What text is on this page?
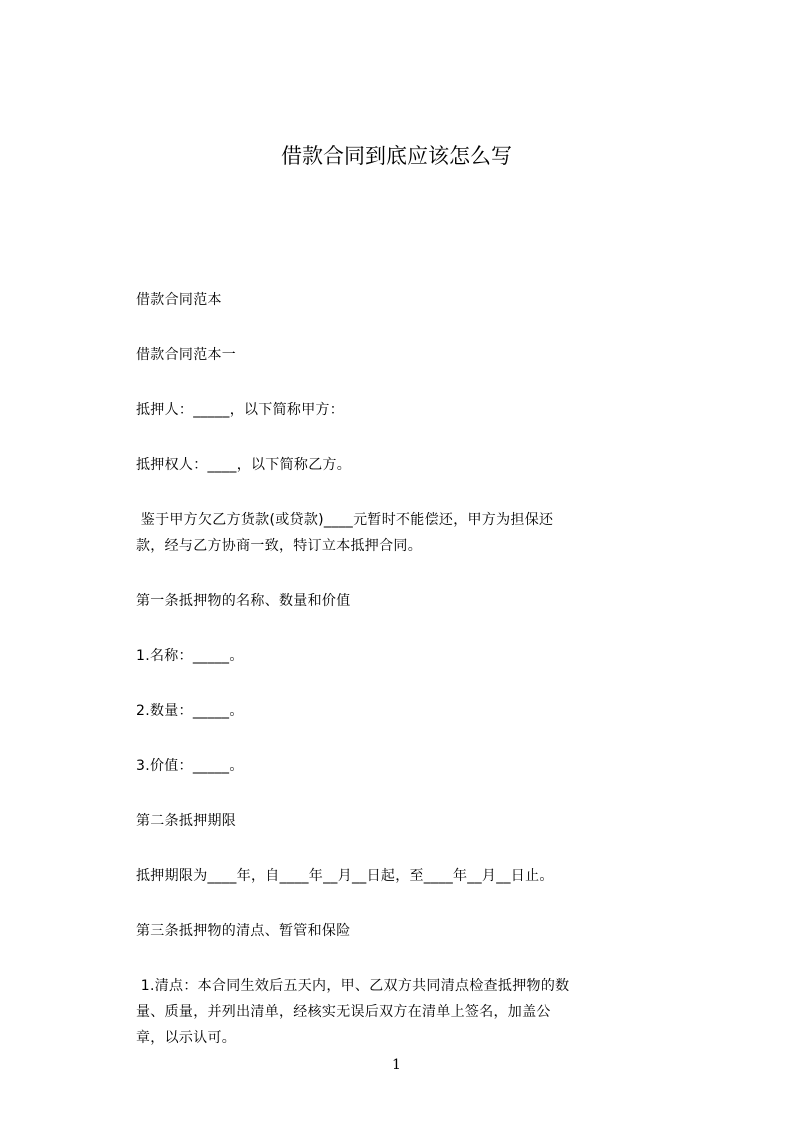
借款合同到底应该怎么写

借款合同范本

借款合同范本一

抵押人：_____，以下简称甲方：

抵押权人：____，以下简称乙方。

鉴于甲方欠乙方货款(或贷款)____元暂时不能偿还，甲方为担保还款，经与乙方协商一致，特订立本抵押合同。

第一条抵押物的名称、数量和价值

1.名称：_____。

2.数量：_____。

3.价值：_____。

第二条抵押期限

抵押期限为____年，自____年__月__日起，至____年__月__日止。

第三条抵押物的清点、暂管和保险

1.清点：本合同生效后五天内，甲、乙双方共同清点检查抵押物的数量、质量，并列出清单，经核实无误后双方在清单上签名，加盖公章，以示认可。

1
